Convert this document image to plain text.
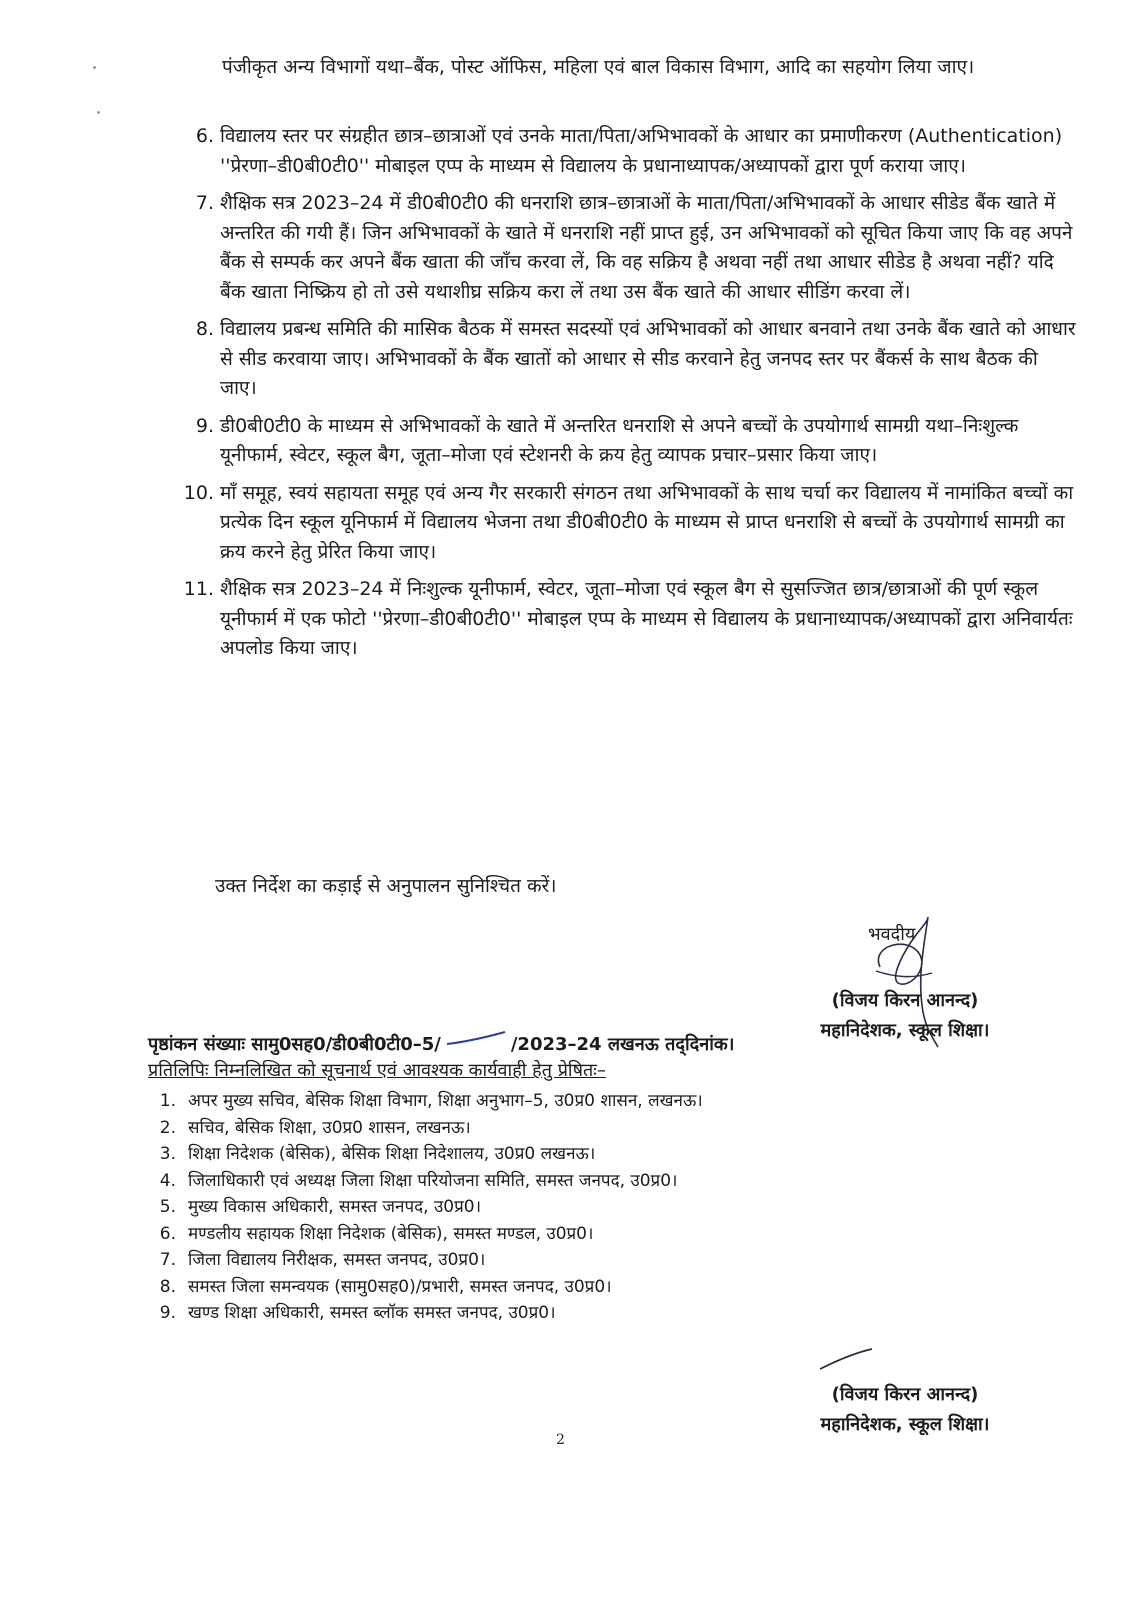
पंजीकृत अन्य विभागों यथा–बैंक, पोस्ट ऑफिस, महिला एवं बाल विकास विभाग, आदि का सहयोग लिया जाए।

6. विद्यालय स्तर पर संग्रहीत छात्र–छात्राओं एवं उनके माता/पिता/अभिभावकों के आधार का प्रमाणीकरण (Authentication) ''प्रेरणा–डी0बी0टी0'' मोबाइल एप्प के माध्यम से विद्यालय के प्रधानाध्यापक/अध्यापकों द्वारा पूर्ण कराया जाए।
7. शैक्षिक सत्र 2023–24 में डी0बी0टी0 की धनराशि छात्र–छात्राओं के माता/पिता/अभिभावकों के आधार सीडेड बैंक खाते में अन्तरित की गयी हैं। जिन अभिभावकों के खाते में धनराशि नहीं प्राप्त हुई, उन अभिभावकों को सूचित किया जाए कि वह अपने बैंक से सम्पर्क कर अपने बैंक खाता की जाँच करवा लें, कि वह सक्रिय है अथवा नहीं तथा आधार सीडेड है अथवा नहीं? यदि बैंक खाता निष्क्रिय हो तो उसे यथाशीघ्र सक्रिय करा लें तथा उस बैंक खाते की आधार सीडिंग करवा लें।
8. विद्यालय प्रबन्ध समिति की मासिक बैठक में समस्त सदस्यों एवं अभिभावकों को आधार बनवाने तथा उनके बैंक खाते को आधार से सीड करवाया जाए। अभिभावकों के बैंक खातों को आधार से सीड करवाने हेतु जनपद स्तर पर बैंकर्स के साथ बैठक की जाए।
9. डी0बी0टी0 के माध्यम से अभिभावकों के खाते में अन्तरित धनराशि से अपने बच्चों के उपयोगार्थ सामग्री यथा–निःशुल्क यूनीफार्म, स्वेटर, स्कूल बैग, जूता–मोजा एवं स्टेशनरी के क्रय हेतु व्यापक प्रचार–प्रसार किया जाए।
10. माँ समूह, स्वयं सहायता समूह एवं अन्य गैर सरकारी संगठन तथा अभिभावकों के साथ चर्चा कर विद्यालय में नामांकित बच्चों का प्रत्येक दिन स्कूल यूनिफार्म में विद्यालय भेजना तथा डी0बी0टी0 के माध्यम से प्राप्त धनराशि से बच्चों के उपयोगार्थ सामग्री का क्रय करने हेतु प्रेरित किया जाए।
11. शैक्षिक सत्र 2023–24 में निःशुल्क यूनीफार्म, स्वेटर, जूता–मोजा एवं स्कूल बैग से सुसज्जित छात्र/छात्राओं की पूर्ण स्कूल यूनीफार्म में एक फोटो ''प्रेरणा–डी0बी0टी0'' मोबाइल एप्प के माध्यम से विद्यालय के प्रधानाध्यापक/अध्यापकों द्वारा अनिवार्यतः अपलोड किया जाए।

उक्त निर्देश का कड़ाई से अनुपालन सुनिश्चित करें।

भवदीय

(विजय किरन आनन्द)
महानिदेशक, स्कूल शिक्षा।

पृष्ठांकन संख्याः सामु0सह0/डी0बी0टी0–5/	/2023–24 लखनऊ तद्‌दिनांक।

प्रतिलिपिः निम्नलिखित को सूचनार्थ एवं आवश्यक कार्यवाही हेतु प्रेषितः–

1. अपर मुख्य सचिव, बेसिक शिक्षा विभाग, शिक्षा अनुभाग–5, उ0प्र0 शासन, लखनऊ।
2. सचिव, बेसिक शिक्षा, उ0प्र0 शासन, लखनऊ।
3. शिक्षा निदेशक (बेसिक), बेसिक शिक्षा निदेशालय, उ0प्र0 लखनऊ।
4. जिलाधिकारी एवं अध्यक्ष जिला शिक्षा परियोजना समिति, समस्त जनपद, उ0प्र0।
5. मुख्य विकास अधिकारी, समस्त जनपद, उ0प्र0।
6. मण्डलीय सहायक शिक्षा निदेशक (बेसिक), समस्त मण्डल, उ0प्र0।
7. जिला विद्यालय निरीक्षक, समस्त जनपद, उ0प्र0।
8. समस्त जिला समन्वयक (सामु0सह0)/प्रभारी, समस्त जनपद, उ0प्र0।
9. खण्ड शिक्षा अधिकारी, समस्त ब्लॉक समस्त जनपद, उ0प्र0।

(विजय किरन आनन्द)
महानिदेशक, स्कूल शिक्षा।

2
